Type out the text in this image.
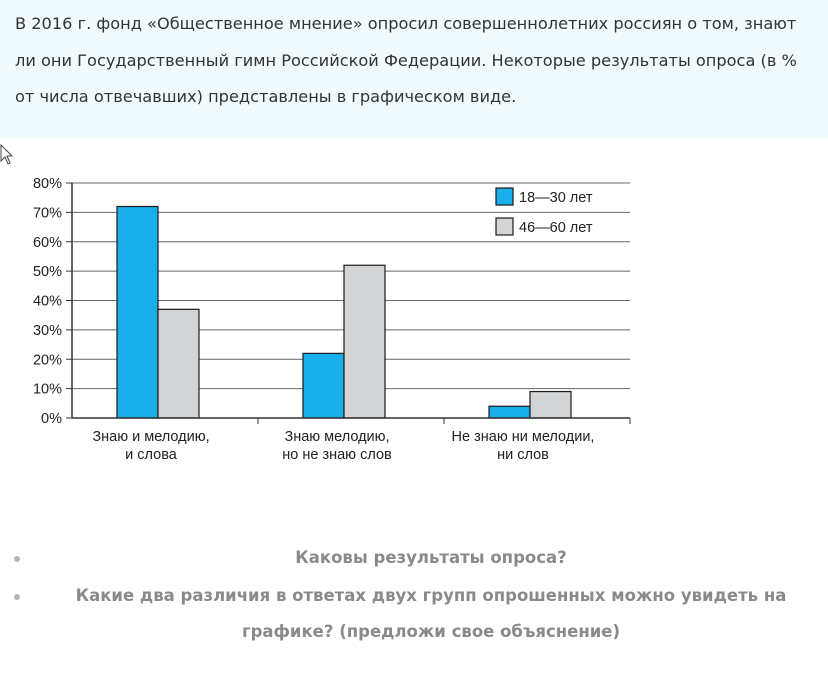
В 2016 г. фонд «Общественное мнение» опросил совершеннолетних россиян о том, знают ли они Государственный гимн Российской Федерации. Некоторые результаты опроса (в % от числа отвечавших) представлены в графическом виде.

0%
10%
20%
30%
40%
50%
60%
70%
80%
Знаю и мелодию,
и слова
Знаю мелодию,
но не знаю слов
Не знаю ни мелодии,
ни слов
18—30 лет
46—60 лет
Каковы результаты опроса?
Какие два различия в ответах двух групп опрошенных можно увидеть на графике? (предложи свое объяснение)
